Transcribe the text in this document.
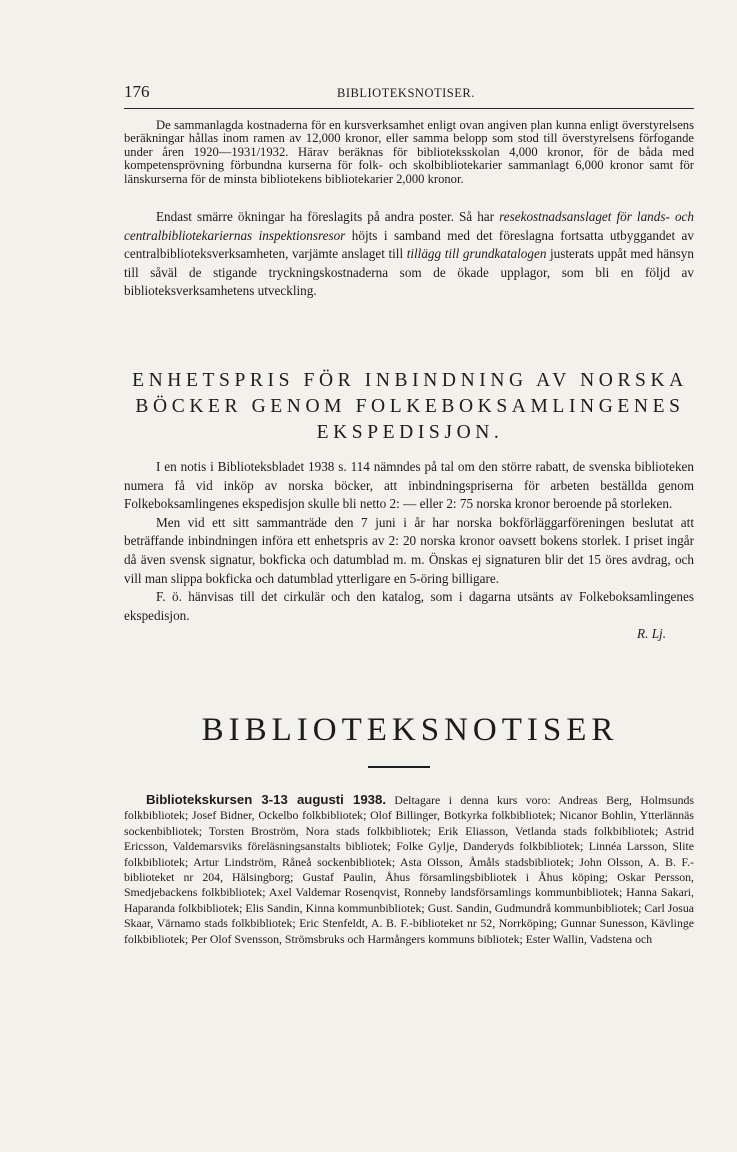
176	BIBLIOTEKSNOTISER.

De sammanlagda kostnaderna för en kursverksamhet enligt ovan angiven plan kunna enligt överstyrelsens beräkningar hållas inom ramen av 12,000 kronor, eller samma belopp som stod till överstyrelsens förfogande under åren 1920—1931/1932. Härav beräknas för biblioteksskolan 4,000 kronor, för de båda med kompetensprövning förbundna kurserna för folk- och skolbibliotekarier sammanlagt 6,000 kronor samt för länskurserna för de minsta bibliotekens bibliotekarier 2,000 kronor.

Endast smärre ökningar ha föreslagits på andra poster. Så har resekostnadsanslaget för lands- och centralbibliotekariernas inspektionsresor höjts i samband med det föreslagna fortsatta utbyggandet av centralbiblioteksverksamheten, varjämte anslaget till tillägg till grundkatalogen justerats uppåt med hänsyn till såväl de stigande tryckningskostnaderna som de ökade upplagor, som bli en följd av biblioteksverksamhetens utveckling.

ENHETSPRIS FÖR INBINDNING AV NORSKA
BÖCKER GENOM FOLKEBOKSAMLINGENES
EKSPEDISJON.

I en notis i Biblioteksbladet 1938 s. 114 nämndes på tal om den större rabatt, de svenska biblioteken numera få vid inköp av norska böcker, att inbindningspriserna för arbeten beställda genom Folkeboksamlingenes ekspedisjon skulle bli netto 2: — eller 2: 75 norska kronor beroende på storleken.

Men vid ett sitt sammanträde den 7 juni i år har norska bokförläggarföreningen beslutat att beträffande inbindningen införa ett enhetspris av 2: 20 norska kronor oavsett bokens storlek. I priset ingår då även svensk signatur, bokficka och datumblad m. m. Önskas ej signaturen blir det 15 öres avdrag, och vill man slippa bokficka och datumblad ytterligare en 5-öring billigare.

F. ö. hänvisas till det cirkulär och den katalog, som i dagarna utsänts av Folkeboksamlingenes ekspedisjon.

R. Lj.

BIBLIOTEKSNOTISER

Bibliotekskursen 3-13 augusti 1938. Deltagare i denna kurs voro: Andreas Berg, Holmsunds folkbibliotek; Josef Bidner, Ockelbo folkbibliotek; Olof Billinger, Botkyrka folkbibliotek; Nicanor Bohlin, Ytterlännäs sockenbibliotek; Torsten Broström, Nora stads folkbibliotek; Erik Eliasson, Vetlanda stads folkbibliotek; Astrid Ericsson, Valdemarsviks föreläsningsanstalts bibliotek; Folke Gylje, Danderyds folkbibliotek; Linnéa Larsson, Slite folkbibliotek; Artur Lindström, Råneå sockenbibliotek; Asta Olsson, Åmåls stadsbibliotek; John Olsson, A. B. F.-biblioteket nr 204, Hälsingborg; Gustaf Paulin, Åhus församlingsbibliotek i Åhus köping; Oskar Persson, Smedjebackens folkbibliotek; Axel Valdemar Rosenqvist, Ronneby landsförsamlings kommunbibliotek; Hanna Sakari, Haparanda folkbibliotek; Elis Sandin, Kinna kommunbibliotek; Gust. Sandin, Gudmundrå kommunbibliotek; Carl Josua Skaar, Värnamo stads folkbibliotek; Eric Stenfeldt, A. B. F.-biblioteket nr 52, Norrköping; Gunnar Sunesson, Kävlinge folkbibliotek; Per Olof Svensson, Strömsbruks och Harmångers kommuns bibliotek; Ester Wallin, Vadstena och
